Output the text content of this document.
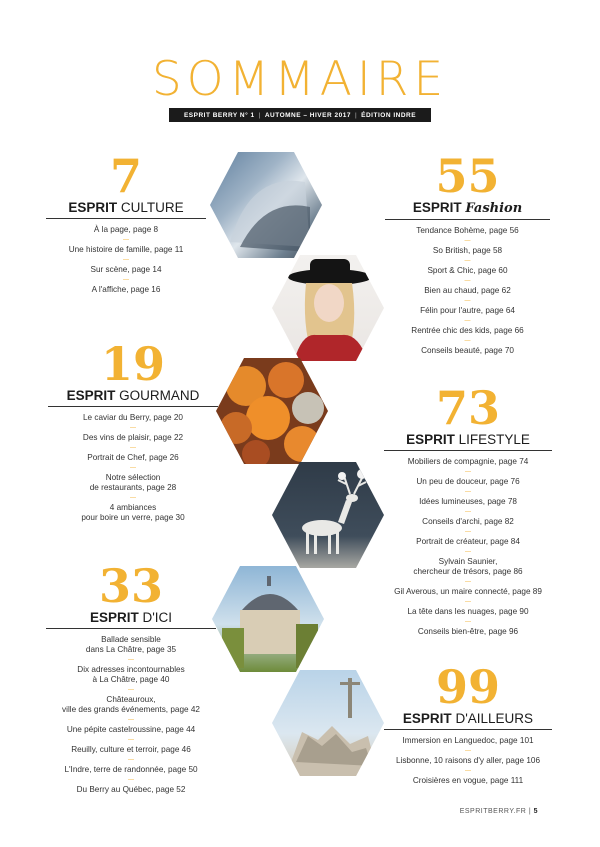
SOMMAIRE
ESPRIT BERRY N° 1 | AUTOMNE – HIVER 2017 | ÉDITION INDRE
7
ESPRIT CULTURE
À la page, page 8
— Une histoire de famille, page 11
— Sur scène, page 14
— A l'affiche, page 16
55
ESPRIT Fashion
Tendance Bohème, page 56
— So British, page 58
— Sport & Chic, page 60
— Bien au chaud, page 62
— Félin pour l'autre, page 64
— Rentrée chic des kids, page 66
— Conseils beauté, page 70
19
ESPRIT GOURMAND
Le caviar du Berry, page 20
— Des vins de plaisir, page 22
— Portrait de Chef, page 26
— Notre sélection
de restaurants, page 28
— 4 ambiances
pour boire un verre, page 30
73
ESPRIT LIFESTYLE
Mobiliers de compagnie, page 74
— Un peu de douceur, page 76
— Idées lumineuses, page 78
— Conseils d'archi, page 82
— Portrait de créateur, page 84
— Sylvain Saunier,
chercheur de trésors, page 86
— Gil Averous, un maire connecté, page 89
— La tête dans les nuages, page 90
— Conseils bien-être, page 96
33
ESPRIT D'ICI
Ballade sensible
dans La Châtre, page 35
— Dix adresses incontournables
à La Châtre, page 40
— Châteauroux,
ville des grands événements, page 42
— Une pépite castelroussine, page 44
— Reuilly, culture et terroir, page 46
— L'Indre, terre de randonnée, page 50
— Du Berry au Québec, page 52
99
ESPRIT D'AILLEURS
Immersion en Languedoc, page 101
— Lisbonne, 10 raisons d'y aller, page 106
— Croisières en vogue, page 111
ESPRITBERRY.FR | 5
